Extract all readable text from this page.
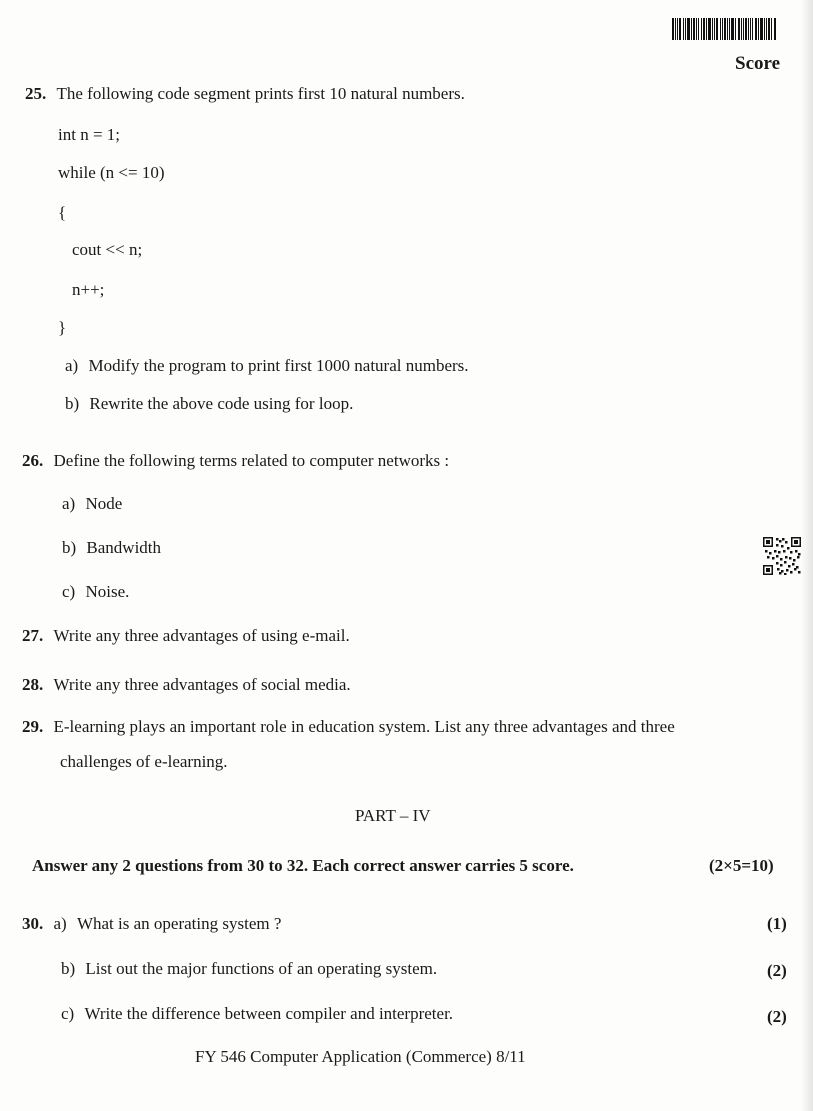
Score
25. The following code segment prints first 10 natural numbers.
int n = 1;
while (n <= 10)
{
cout << n;
n++;
}
a) Modify the program to print first 1000 natural numbers.
b) Rewrite the above code using for loop.
26. Define the following terms related to computer networks :
a) Node
b) Bandwidth
c) Noise.
27. Write any three advantages of using e-mail.
28. Write any three advantages of social media.
29. E-learning plays an important role in education system. List any three advantages and three
challenges of e-learning.
PART – IV
Answer any 2 questions from 30 to 32. Each correct answer carries 5 score.	(2×5=10)
30. a) What is an operating system ?	(1)
b) List out the major functions of an operating system.	(2)
c) Write the difference between compiler and interpreter.	(2)
FY 546 Computer Application (Commerce) 8/11
